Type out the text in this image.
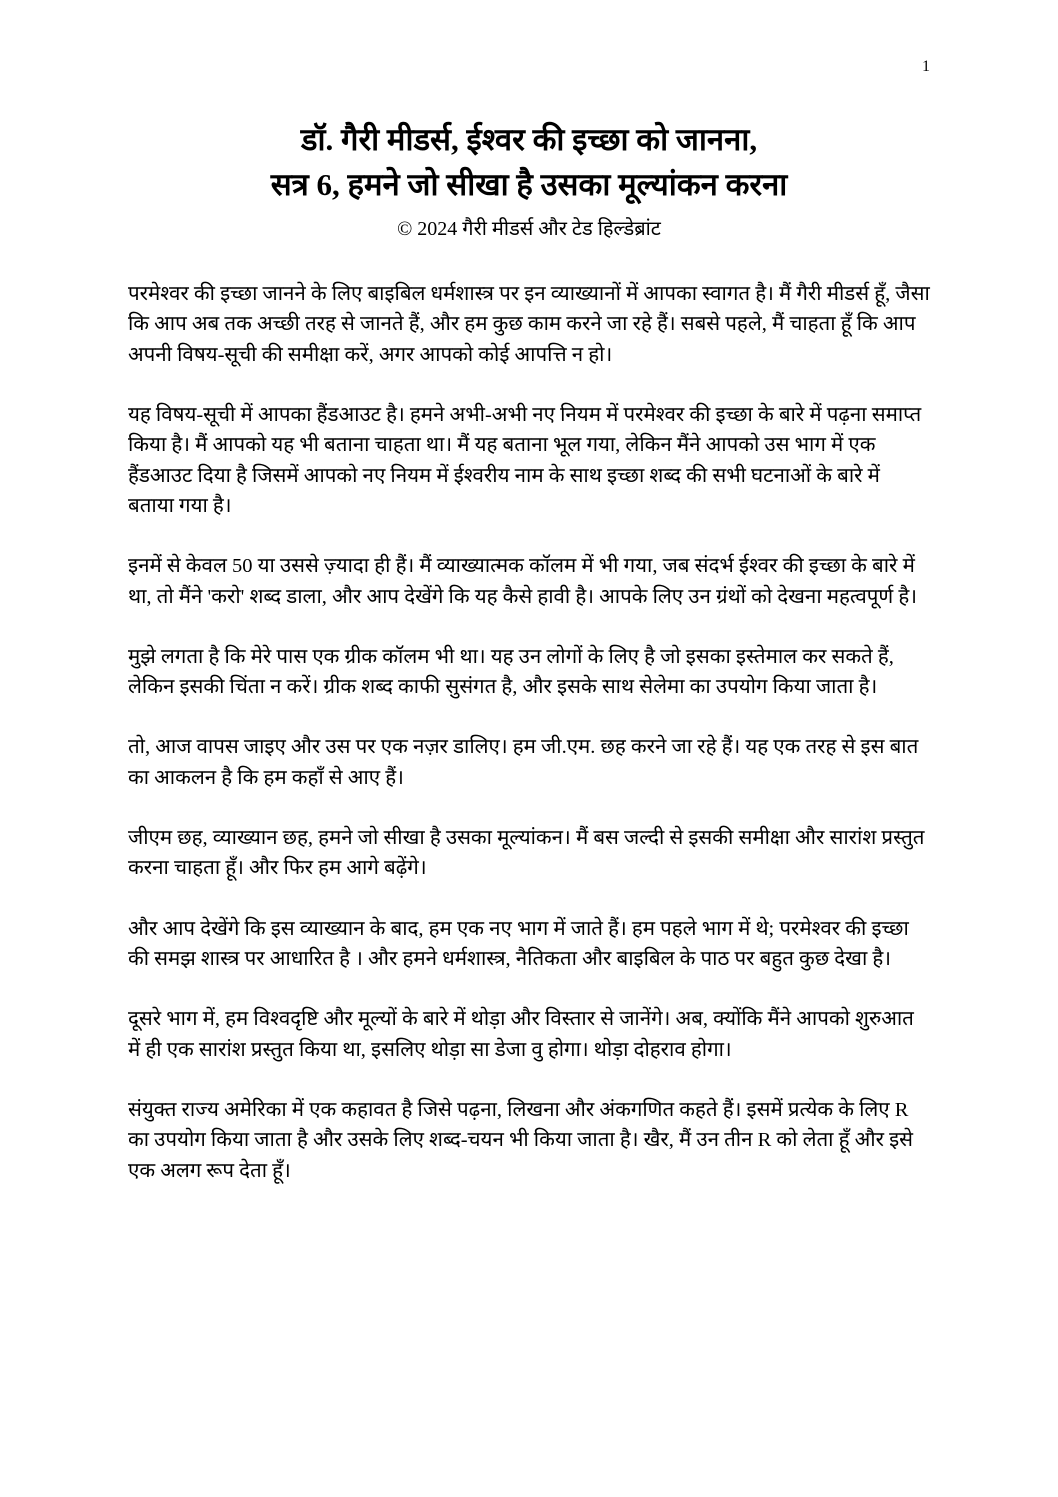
1
डॉ. गैरी मीडर्स, ईश्वर की इच्छा को जानना,
सत्र 6, हमने जो सीखा है उसका मूल्यांकन करना
© 2024 गैरी मीडर्स और टेड हिल्डेब्रांट

परमेश्वर की इच्छा जानने के लिए बाइबिल धर्मशास्त्र पर इन व्याख्यानों में आपका स्वागत है। मैं गैरी मीडर्स हूँ, जैसा कि आप अब तक अच्छी तरह से जानते हैं, और हम कुछ काम करने जा रहे हैं। सबसे पहले, मैं चाहता हूँ कि आप अपनी विषय-सूची की समीक्षा करें, अगर आपको कोई आपत्ति न हो।

यह विषय-सूची में आपका हैंडआउट है। हमने अभी-अभी नए नियम में परमेश्वर की इच्छा के बारे में पढ़ना समाप्त किया है। मैं आपको यह भी बताना चाहता था। मैं यह बताना भूल गया, लेकिन मैंने आपको उस भाग में एक हैंडआउट दिया है जिसमें आपको नए नियम में ईश्वरीय नाम के साथ इच्छा शब्द की सभी घटनाओं के बारे में बताया गया है।

इनमें से केवल 50 या उससे ज़्यादा ही हैं। मैं व्याख्यात्मक कॉलम में भी गया, जब संदर्भ ईश्वर की इच्छा के बारे में था, तो मैंने 'करो' शब्द डाला, और आप देखेंगे कि यह कैसे हावी है। आपके लिए उन ग्रंथों को देखना महत्वपूर्ण है।

मुझे लगता है कि मेरे पास एक ग्रीक कॉलम भी था। यह उन लोगों के लिए है जो इसका इस्तेमाल कर सकते हैं, लेकिन इसकी चिंता न करें। ग्रीक शब्द काफी सुसंगत है, और इसके साथ सेलेमा का उपयोग किया जाता है।

तो, आज वापस जाइए और उस पर एक नज़र डालिए। हम जी.एम. छह करने जा रहे हैं। यह एक तरह से इस बात का आकलन है कि हम कहाँ से आए हैं।

जीएम छह, व्याख्यान छह, हमने जो सीखा है उसका मूल्यांकन। मैं बस जल्दी से इसकी समीक्षा और सारांश प्रस्तुत करना चाहता हूँ। और फिर हम आगे बढ़ेंगे।

और आप देखेंगे कि इस व्याख्यान के बाद, हम एक नए भाग में जाते हैं। हम पहले भाग में थे; परमेश्वर की इच्छा की समझ शास्त्र पर आधारित है । और हमने धर्मशास्त्र, नैतिकता और बाइबिल के पाठ पर बहुत कुछ देखा है।

दूसरे भाग में, हम विश्वदृष्टि और मूल्यों के बारे में थोड़ा और विस्तार से जानेंगे। अब, क्योंकि मैंने आपको शुरुआत में ही एक सारांश प्रस्तुत किया था, इसलिए थोड़ा सा डेजा वु होगा। थोड़ा दोहराव होगा।

संयुक्त राज्य अमेरिका में एक कहावत है जिसे पढ़ना, लिखना और अंकगणित कहते हैं। इसमें प्रत्येक के लिए R का उपयोग किया जाता है और उसके लिए शब्द-चयन भी किया जाता है। खैर, मैं उन तीन R को लेता हूँ और इसे एक अलग रूप देता हूँ।
